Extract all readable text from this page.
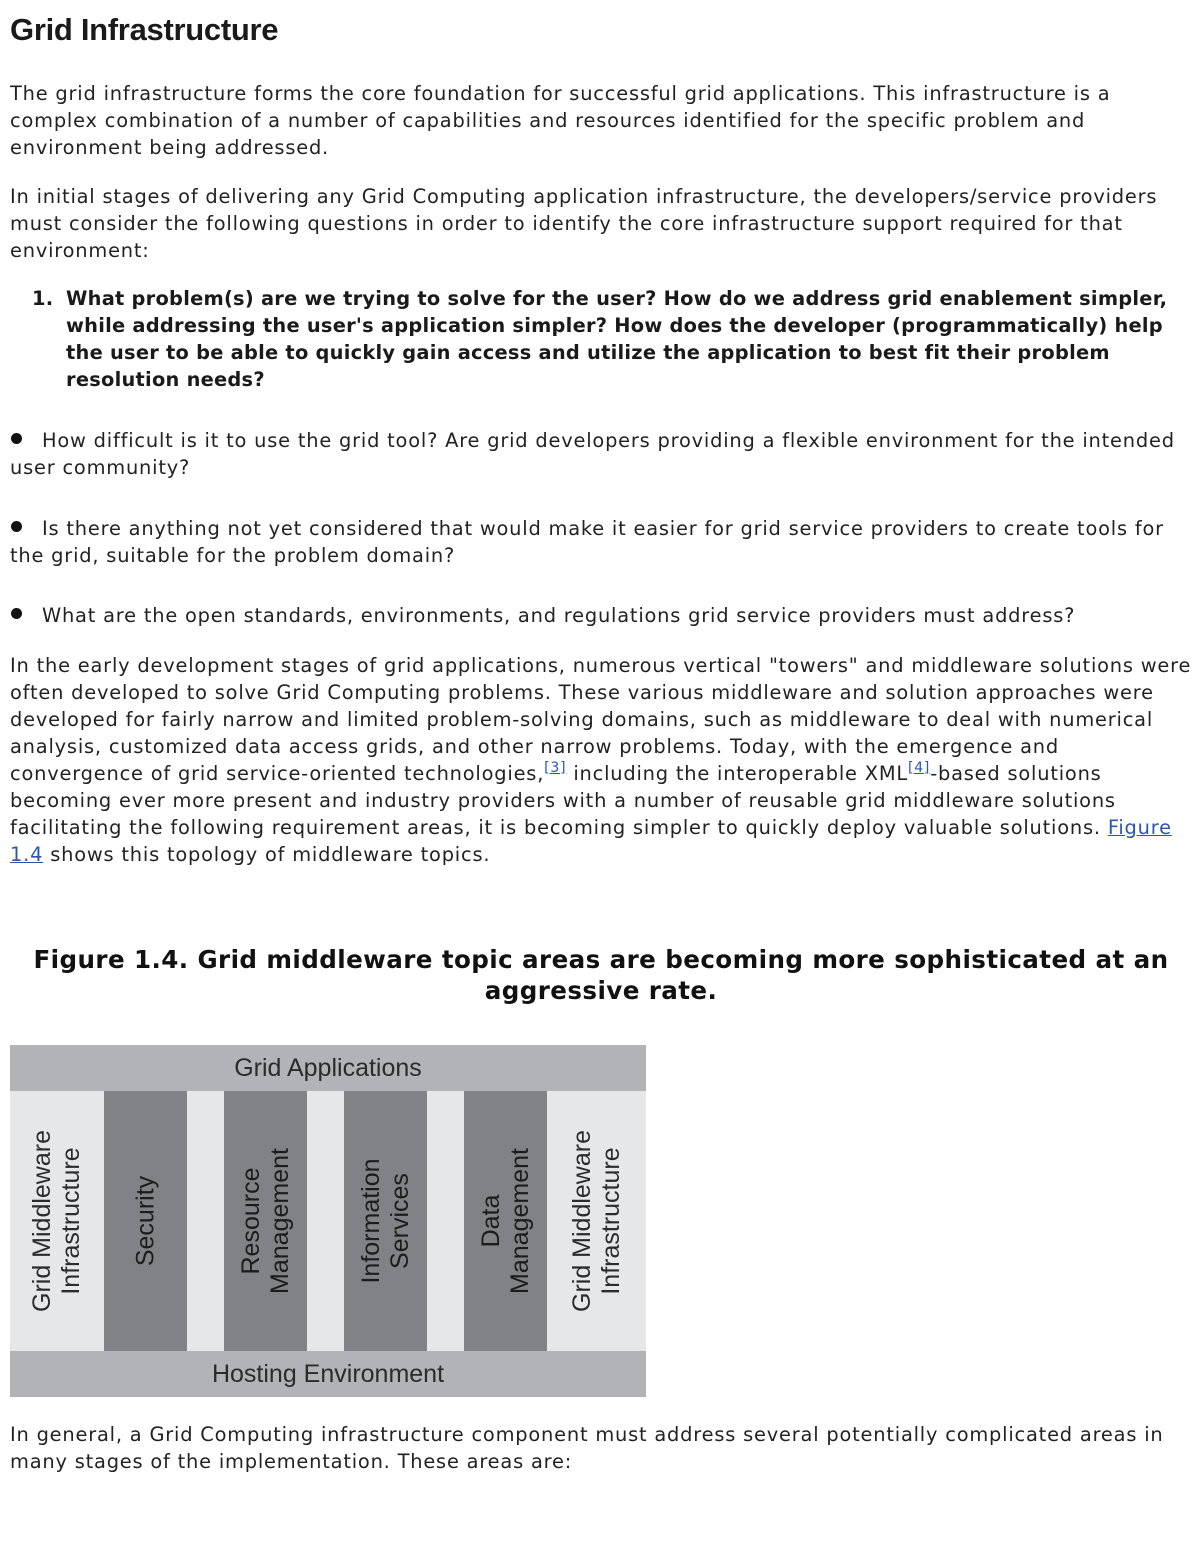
Grid Infrastructure

The grid infrastructure forms the core foundation for successful grid applications. This infrastructure is a complex combination of a number of capabilities and resources identified for the specific problem and environment being addressed.

In initial stages of delivering any Grid Computing application infrastructure, the developers/service providers must consider the following questions in order to identify the core infrastructure support required for that environment:

1. What problem(s) are we trying to solve for the user? How do we address grid enablement simpler, while addressing the user's application simpler? How does the developer (programmatically) help the user to be able to quickly gain access and utilize the application to best fit their problem resolution needs?
How difficult is it to use the grid tool? Are grid developers providing a flexible environment for the intended user community?
Is there anything not yet considered that would make it easier for grid service providers to create tools for the grid, suitable for the problem domain?
What are the open standards, environments, and regulations grid service providers must address?

In the early development stages of grid applications, numerous vertical "towers" and middleware solutions were often developed to solve Grid Computing problems. These various middleware and solution approaches were developed for fairly narrow and limited problem-solving domains, such as middleware to deal with numerical analysis, customized data access grids, and other narrow problems. Today, with the emergence and convergence of grid service-oriented technologies,[3] including the interoperable XML[4]-based solutions becoming ever more present and industry providers with a number of reusable grid middleware solutions facilitating the following requirement areas, it is becoming simpler to quickly deploy valuable solutions. Figure 1.4 shows this topology of middleware topics.

Figure 1.4. Grid middleware topic areas are becoming more sophisticated at an aggressive rate.
Grid Applications
Grid Middleware Infrastructure Security	Resource Management	Information Services	Data Management Grid Middleware Infrastructure
Hosting Environment

In general, a Grid Computing infrastructure component must address several potentially complicated areas in many stages of the implementation. These areas are:
